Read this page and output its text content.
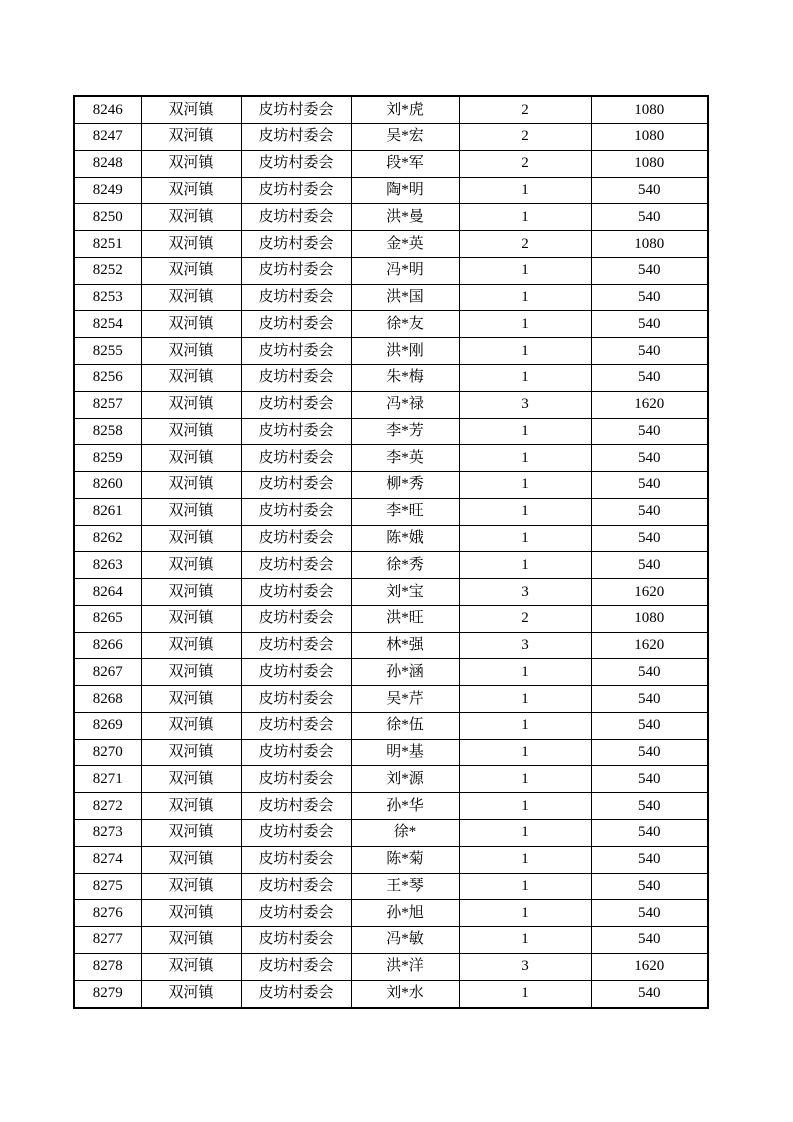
8246	双河镇	皮坊村委会	刘*虎	2	1080
8247	双河镇	皮坊村委会	吴*宏	2	1080
8248	双河镇	皮坊村委会	段*军	2	1080
8249	双河镇	皮坊村委会	陶*明	1	540
8250	双河镇	皮坊村委会	洪*曼	1	540
8251	双河镇	皮坊村委会	金*英	2	1080
8252	双河镇	皮坊村委会	冯*明	1	540
8253	双河镇	皮坊村委会	洪*国	1	540
8254	双河镇	皮坊村委会	徐*友	1	540
8255	双河镇	皮坊村委会	洪*刚	1	540
8256	双河镇	皮坊村委会	朱*梅	1	540
8257	双河镇	皮坊村委会	冯*禄	3	1620
8258	双河镇	皮坊村委会	李*芳	1	540
8259	双河镇	皮坊村委会	李*英	1	540
8260	双河镇	皮坊村委会	柳*秀	1	540
8261	双河镇	皮坊村委会	李*旺	1	540
8262	双河镇	皮坊村委会	陈*娥	1	540
8263	双河镇	皮坊村委会	徐*秀	1	540
8264	双河镇	皮坊村委会	刘*宝	3	1620
8265	双河镇	皮坊村委会	洪*旺	2	1080
8266	双河镇	皮坊村委会	林*强	3	1620
8267	双河镇	皮坊村委会	孙*涵	1	540
8268	双河镇	皮坊村委会	吴*芹	1	540
8269	双河镇	皮坊村委会	徐*伍	1	540
8270	双河镇	皮坊村委会	明*基	1	540
8271	双河镇	皮坊村委会	刘*源	1	540
8272	双河镇	皮坊村委会	孙*华	1	540
8273	双河镇	皮坊村委会	徐*	1	540
8274	双河镇	皮坊村委会	陈*菊	1	540
8275	双河镇	皮坊村委会	王*琴	1	540
8276	双河镇	皮坊村委会	孙*旭	1	540
8277	双河镇	皮坊村委会	冯*敏	1	540
8278	双河镇	皮坊村委会	洪*洋	3	1620
8279	双河镇	皮坊村委会	刘*水	1	540
